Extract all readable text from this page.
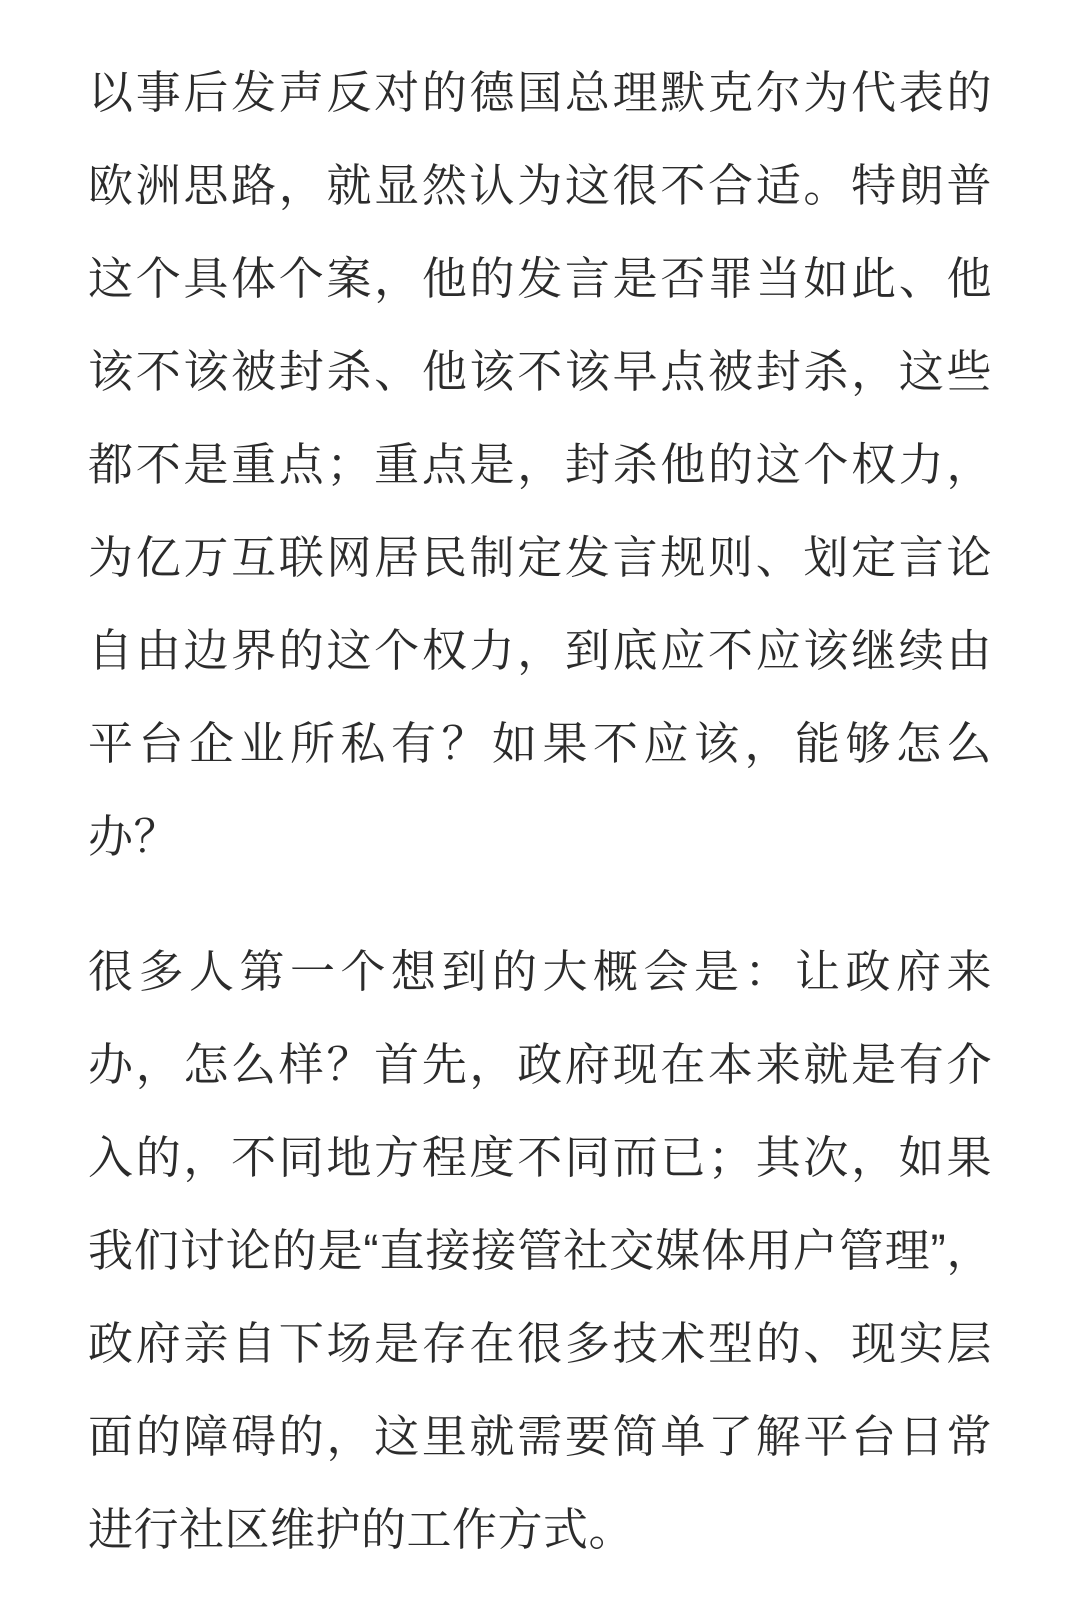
以事后发声反对的德国总理默克尔为代表的欧洲思路，就显然认为这很不合适。特朗普这个具体个案，他的发言是否罪当如此、他该不该被封杀、他该不该早点被封杀，这些都不是重点；重点是，封杀他的这个权力，为亿万互联网居民制定发言规则、划定言论自由边界的这个权力，到底应不应该继续由平台企业所私有？如果不应该，能够怎么办？

很多人第一个想到的大概会是：让政府来办，怎么样？首先，政府现在本来就是有介入的，不同地方程度不同而已；其次，如果我们讨论的是“直接接管社交媒体用户管理”，政府亲自下场是存在很多技术型的、现实层面的障碍的，这里就需要简单了解平台日常进行社区维护的工作方式。
